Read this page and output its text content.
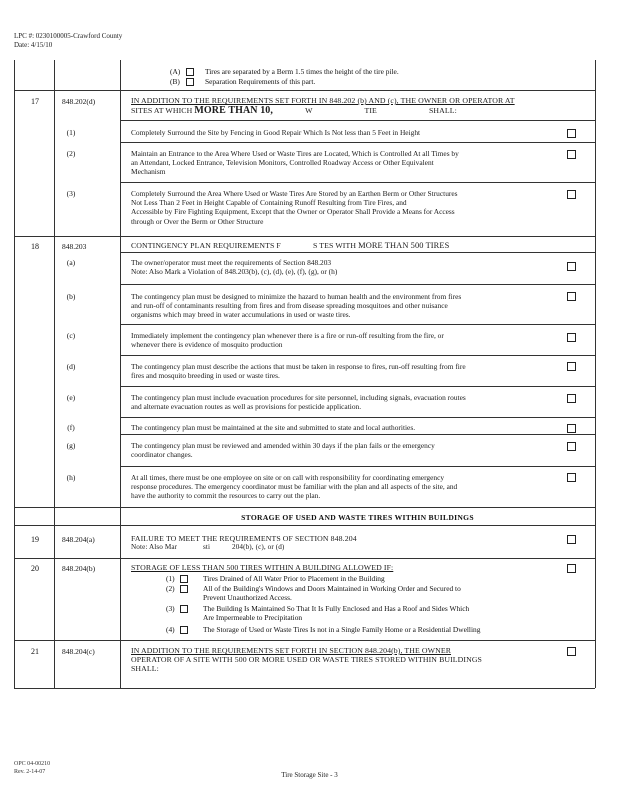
LPC #: 0230100005-Crawford County
Date: 4/15/10
(A)	Tires are separated by a Berm 1.5 times the height of the tire pile.
(B)	Separation Requirements of this part.
17	848.202(d)	IN ADDITION TO THE REQUIREMENTS SET FORTH IN 848.202 (b) AND (c), THE OWNER OR OPERATOR AT
SITES AT WHICH MORE THAN 10,	W	TIE	SHALL:
(1)	Completely Surround the Site by Fencing in Good Repair Which Is Not less than 5 Feet in Height
(2)	Maintain an Entrance to the Area Where Used or Waste Tires are Located, Which is Controlled At all Times by
an Attendant, Locked Entrance, Television Monitors, Controlled Roadway Access or Other Equivalent
Mechanism
(3)	Completely Surround the Area Where Used or Waste Tires Are Stored by an Earthen Berm or Other Structures
Not Less Than 2 Feet in Height Capable of Containing Runoff Resulting from Tire Fires, and
Accessible by Fire Fighting Equipment, Except that the Owner or Operator Shall Provide a Means for Access
through or Over the Berm or Other Structure
18	848.203	CONTINGENCY PLAN REQUIREMENTS F	S TES WITH MORE THAN 500 TIRES
(a)	The owner/operator must meet the requirements of Section 848.203
Note: Also Mark a Violation of 848.203(b), (c), (d), (e), (f), (g), or (h)
(b)	The contingency plan must be designed to minimize the hazard to human health and the environment from fires
and run-off of contaminants resulting from fires and from disease spreading mosquitoes and other nuisance
organisms which may breed in water accumulations in used or waste tires.
(c)	Immediately implement the contingency plan whenever there is a fire or run-off resulting from the fire, or
whenever there is evidence of mosquito production
(d)	The contingency plan must describe the actions that must be taken in response to fires, run-off resulting from fire
fires and mosquito breeding in used or waste tires.
(e)	The contingency plan must include evacuation procedures for site personnel, including signals, evacuation routes
and alternate evacuation routes as well as provisions for pesticide application.
(f)	The contingency plan must be maintained at the site and submitted to state and local authorities.
(g)	The contingency plan must be reviewed and amended within 30 days if the plan fails or the emergency
coordinator changes.
(h)	At all times, there must be one employee on site or on call with responsibility for coordinating emergency
response procedures. The emergency coordinator must be familiar with the plan and all aspects of the site, and
have the authority to commit the resources to carry out the plan.
STORAGE OF USED AND WASTE TIRES WITHIN BUILDINGS
19	848.204(a)	FAILURE TO MEET THE REQUIREMENTS OF SECTION 848.204
Note: Also Mar	sti	204(b), (c), or (d)
20	848.204(b)	STORAGE OF LESS THAN 500 TIRES WITHIN A BUILDING ALLOWED IF:
(1)	Tires Drained of All Water Prior to Placement in the Building
(2)	All of the Building's Windows and Doors Maintained in Working Order and Secured to
Prevent Unauthorized Access.
(3)	The Building Is Maintained So That It Is Fully Enclosed and Has a Roof and Sides Which
Are Impermeable to Precipitation
(4)	The Storage of Used or Waste Tires Is not in a Single Family Home or a Residential Dwelling
21	848.204(c)	IN ADDITION TO THE REQUIREMENTS SET FORTH IN SECTION 848.204(b), THE OWNER
OPERATOR OF A SITE WITH 500 OR MORE USED OR WASTE TIRES STORED WITHIN BUILDINGS
SHALL:
OPC 04-00210
Rev. 2-14-07	Tire Storage Site - 3
